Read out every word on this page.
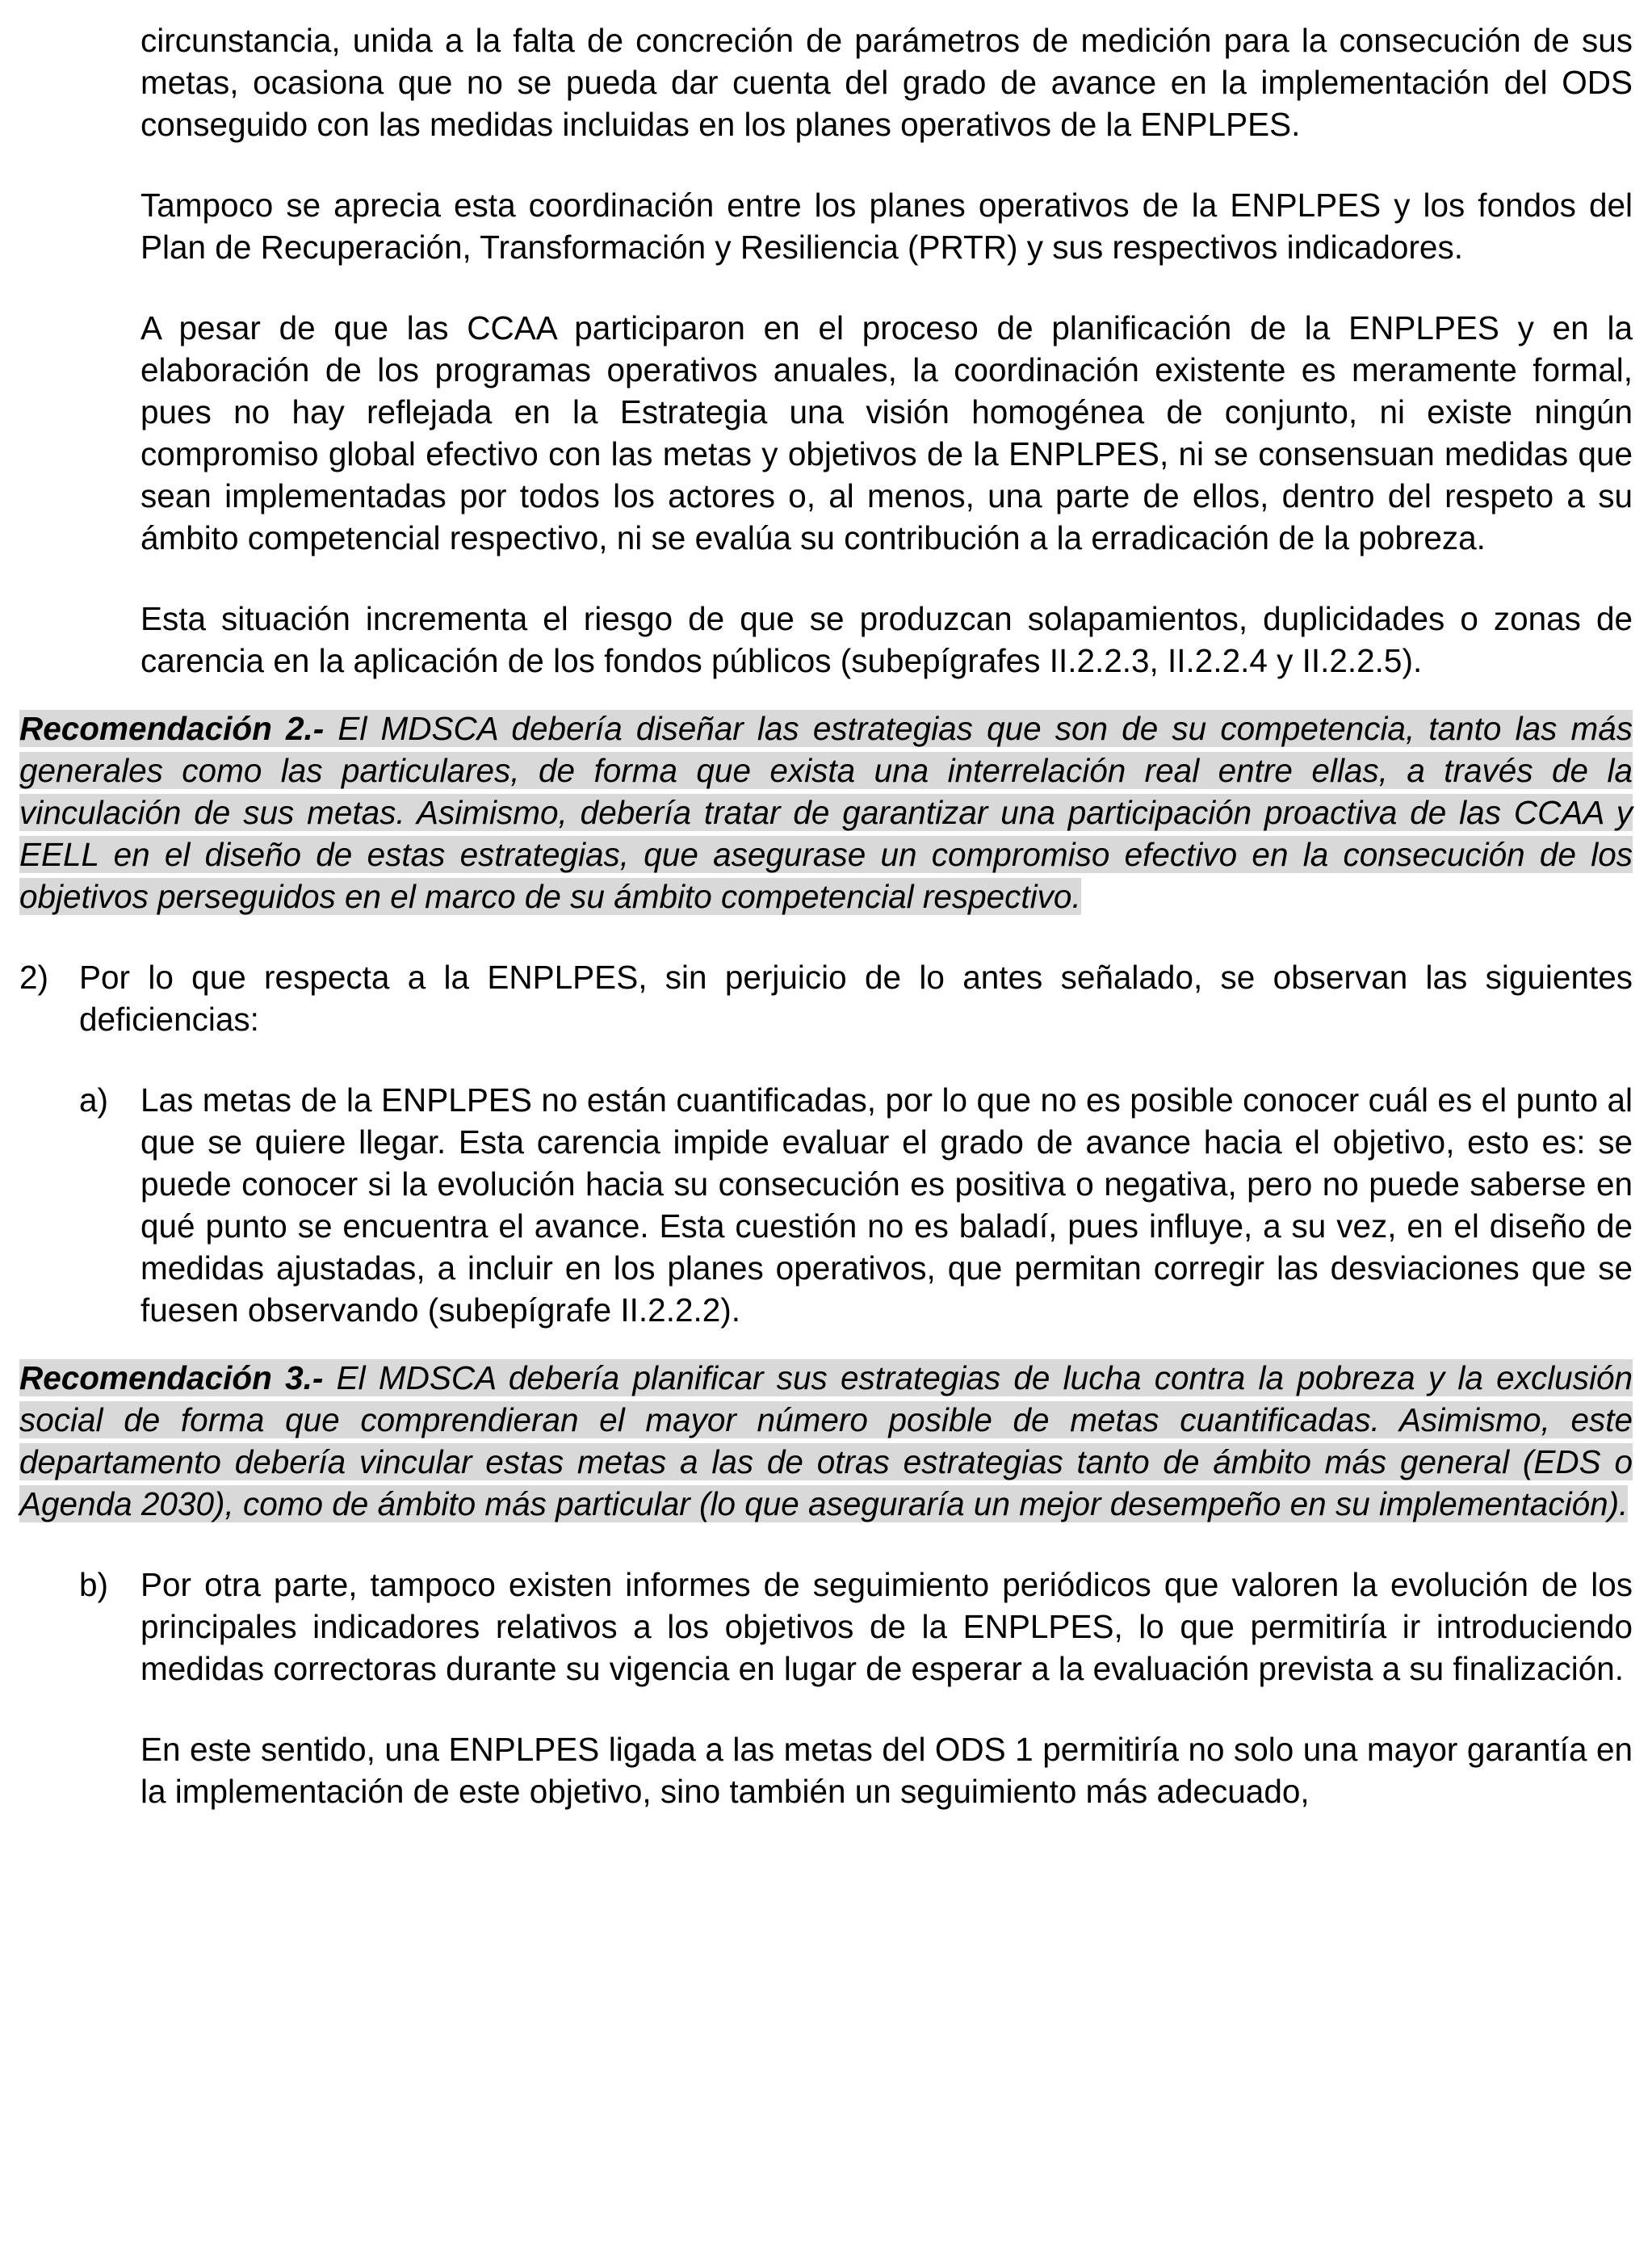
circunstancia, unida a la falta de concreción de parámetros de medición para la consecución de sus metas, ocasiona que no se pueda dar cuenta del grado de avance en la implementación del ODS conseguido con las medidas incluidas en los planes operativos de la ENPLPES.

Tampoco se aprecia esta coordinación entre los planes operativos de la ENPLPES y los fondos del Plan de Recuperación, Transformación y Resiliencia (PRTR) y sus respectivos indicadores.

A pesar de que las CCAA participaron en el proceso de planificación de la ENPLPES y en la elaboración de los programas operativos anuales, la coordinación existente es meramente formal, pues no hay reflejada en la Estrategia una visión homogénea de conjunto, ni existe ningún compromiso global efectivo con las metas y objetivos de la ENPLPES, ni se consensuan medidas que sean implementadas por todos los actores o, al menos, una parte de ellos, dentro del respeto a su ámbito competencial respectivo, ni se evalúa su contribución a la erradicación de la pobreza.

Esta situación incrementa el riesgo de que se produzcan solapamientos, duplicidades o zonas de carencia en la aplicación de los fondos públicos (subepígrafes II.2.2.3, II.2.2.4 y II.2.2.5).

Recomendación 2.- El MDSCA debería diseñar las estrategias que son de su competencia, tanto las más generales como las particulares, de forma que exista una interrelación real entre ellas, a través de la vinculación de sus metas. Asimismo, debería tratar de garantizar una participación proactiva de las CCAA y EELL en el diseño de estas estrategias, que asegurase un compromiso efectivo en la consecución de los objetivos perseguidos en el marco de su ámbito competencial respectivo.

2) Por lo que respecta a la ENPLPES, sin perjuicio de lo antes señalado, se observan las siguientes deficiencias:
a) Las metas de la ENPLPES no están cuantificadas, por lo que no es posible conocer cuál es el punto al que se quiere llegar. Esta carencia impide evaluar el grado de avance hacia el objetivo, esto es: se puede conocer si la evolución hacia su consecución es positiva o negativa, pero no puede saberse en qué punto se encuentra el avance. Esta cuestión no es baladí, pues influye, a su vez, en el diseño de medidas ajustadas, a incluir en los planes operativos, que permitan corregir las desviaciones que se fuesen observando (subepígrafe II.2.2.2).

Recomendación 3.- El MDSCA debería planificar sus estrategias de lucha contra la pobreza y la exclusión social de forma que comprendieran el mayor número posible de metas cuantificadas. Asimismo, este departamento debería vincular estas metas a las de otras estrategias tanto de ámbito más general (EDS o Agenda 2030), como de ámbito más particular (lo que aseguraría un mejor desempeño en su implementación).

b) Por otra parte, tampoco existen informes de seguimiento periódicos que valoren la evolución de los principales indicadores relativos a los objetivos de la ENPLPES, lo que permitiría ir introduciendo medidas correctoras durante su vigencia en lugar de esperar a la evaluación prevista a su finalización.

En este sentido, una ENPLPES ligada a las metas del ODS 1 permitiría no solo una mayor garantía en la implementación de este objetivo, sino también un seguimiento más adecuado,
